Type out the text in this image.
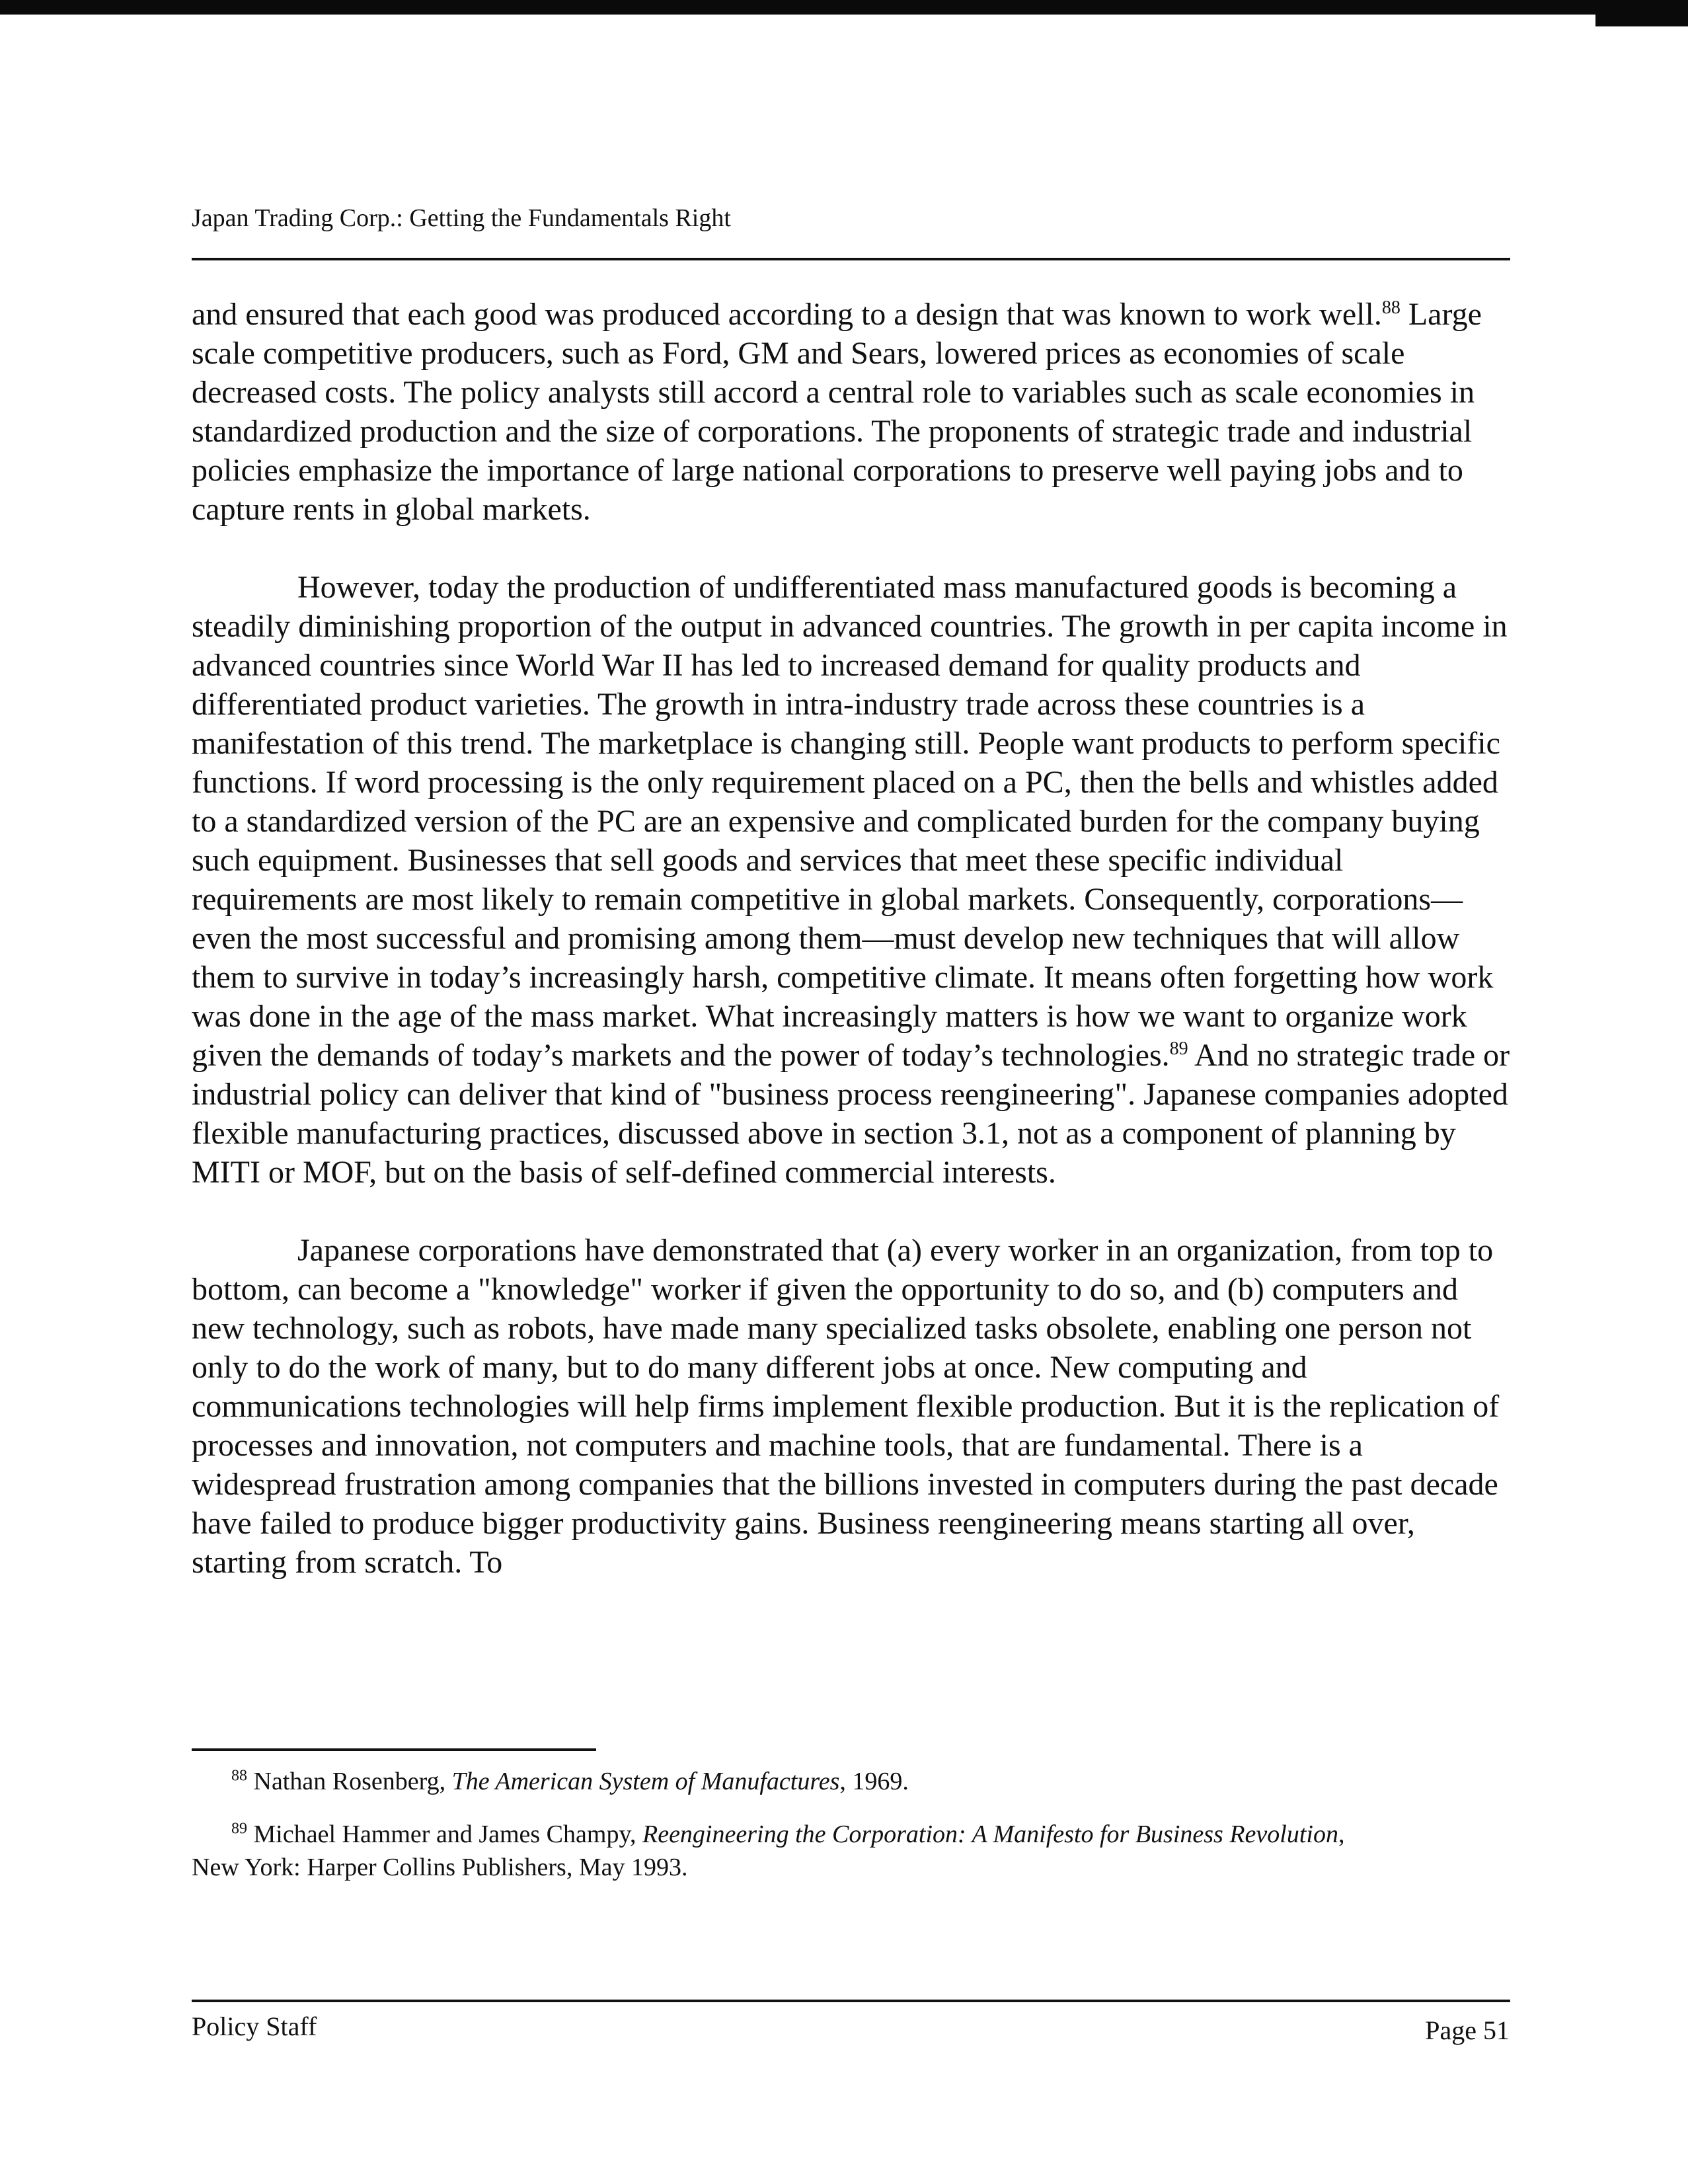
Japan Trading Corp.: Getting the Fundamentals Right

and ensured that each good was produced according to a design that was known to work well.$^{88}$ Large scale competitive producers, such as Ford, GM and Sears, lowered prices as economies of scale decreased costs. The policy analysts still accord a central role to variables such as scale economies in standardized production and the size of corporations. The proponents of strategic trade and industrial policies emphasize the importance of large national corporations to preserve well paying jobs and to capture rents in global markets.

However, today the production of undifferentiated mass manufactured goods is becoming a steadily diminishing proportion of the output in advanced countries. The growth in per capita income in advanced countries since World War II has led to increased demand for quality products and differentiated product varieties. The growth in intra-industry trade across these countries is a manifestation of this trend. The marketplace is changing still. People want products to perform specific functions. If word processing is the only requirement placed on a PC, then the bells and whistles added to a standardized version of the PC are an expensive and complicated burden for the company buying such equipment. Businesses that sell goods and services that meet these specific individual requirements are most likely to remain competitive in global markets. Consequently, corporations—even the most successful and promising among them—must develop new techniques that will allow them to survive in today’s increasingly harsh, competitive climate. It means often forgetting how work was done in the age of the mass market. What increasingly matters is how we want to organize work given the demands of today’s markets and the power of today’s technologies.$^{89}$ And no strategic trade or industrial policy can deliver that kind of "business process reengineering". Japanese companies adopted flexible manufacturing practices, discussed above in section 3.1, not as a component of planning by MITI or MOF, but on the basis of self-defined commercial interests.

Japanese corporations have demonstrated that (a) every worker in an organization, from top to bottom, can become a "knowledge" worker if given the opportunity to do so, and (b) computers and new technology, such as robots, have made many specialized tasks obsolete, enabling one person not only to do the work of many, but to do many different jobs at once. New computing and communications technologies will help firms implement flexible production. But it is the replication of processes and innovation, not computers and machine tools, that are fundamental. There is a widespread frustration among companies that the billions invested in computers during the past decade have failed to produce bigger productivity gains. Business reengineering means starting all over, starting from scratch. To

$^{88}$ Nathan Rosenberg, The American System of Manufactures, 1969.

$^{89}$ Michael Hammer and James Champy, Reengineering the Corporation: A Manifesto for Business Revolution,
New York: Harper Collins Publishers, May 1993.

Policy Staff	Page 51
